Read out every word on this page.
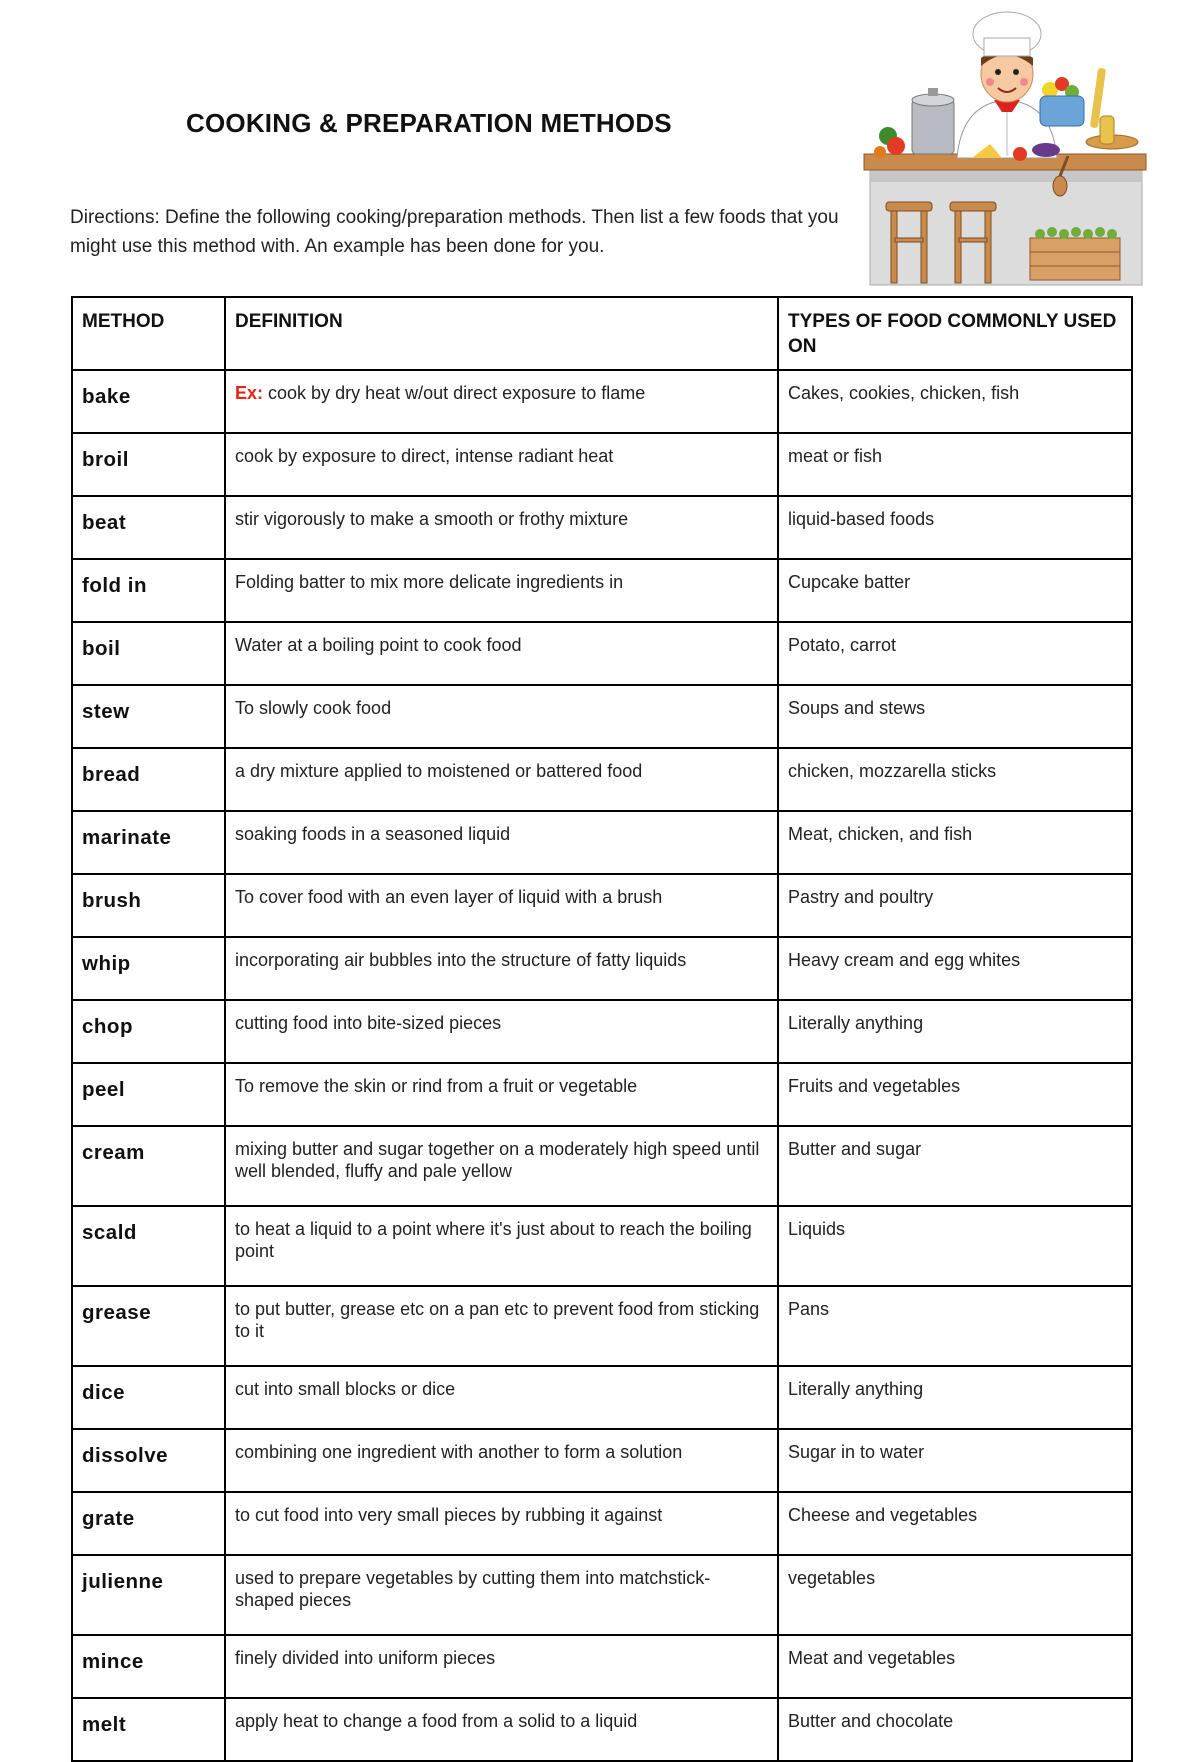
COOKING & PREPARATION METHODS
Directions: Define the following cooking/preparation methods. Then list a few foods that you might use this method with. An example has been done for you.
METHOD	DEFINITION	TYPES OF FOOD COMMONLY USED ON
bake	Ex: cook by dry heat w/out direct exposure to flame	Cakes, cookies, chicken, fish
broil	cook by exposure to direct, intense radiant heat	meat or fish
beat	stir vigorously to make a smooth or frothy mixture	liquid-based foods
fold in	Folding batter to mix more delicate ingredients in	Cupcake batter
boil	Water at a boiling point to cook food	Potato, carrot
stew	To slowly cook food	Soups and stews
bread	a dry mixture applied to moistened or battered food	chicken, mozzarella sticks
marinate	soaking foods in a seasoned liquid	Meat, chicken, and fish
brush	To cover food with an even layer of liquid with a brush	Pastry and poultry
whip	incorporating air bubbles into the structure of fatty liquids	Heavy cream and egg whites
chop	cutting food into bite-sized pieces	Literally anything
peel	To remove the skin or rind from a fruit or vegetable	Fruits and vegetables
cream	mixing butter and sugar together on a moderately high speed until well blended, fluffy and pale yellow	Butter and sugar
scald	to heat a liquid to a point where it's just about to reach the boiling point	Liquids
grease	to put butter, grease etc on a pan etc to prevent food from sticking to it	Pans
dice	cut into small blocks or dice	Literally anything
dissolve	combining one ingredient with another to form a solution	Sugar in to water
grate	to cut food into very small pieces by rubbing it against	Cheese and vegetables
julienne	used to prepare vegetables by cutting them into matchstick-shaped pieces	vegetables
mince	finely divided into uniform pieces	Meat and vegetables
melt	apply heat to change a food from a solid to a liquid	Butter and chocolate
